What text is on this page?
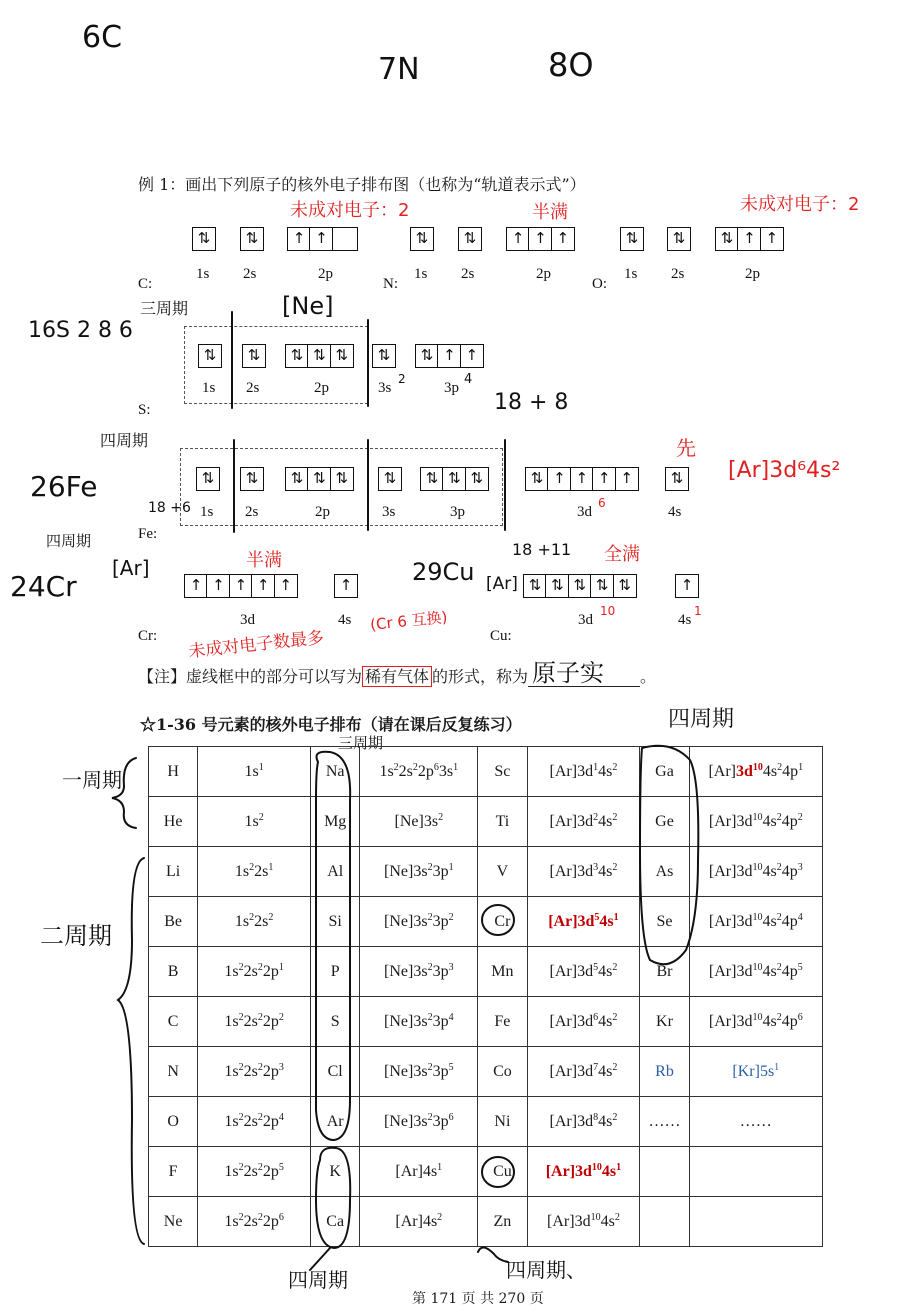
6C
7N	8O
例 1：画出下列原子的核外电子排布图（也称为“轨道表示式”）
未成对电子：2	半满	未成对电子：2
⇅	⇅	↑ ↑
1s 2s	2p
C:
⇅	⇅	↑ ↑ ↑
1s 2s	2p
N:
⇅	⇅	⇅ ↑ ↑
1s 2s	2p
O:
16S 2 8 6
三周期	[Ne]
⇅	⇅	⇅ ⇅ ⇅	⇅	⇅ ↑ ↑
1s 2s	2p	3s
2
3p
4
S:	18 + 8
四周期
26Fe
四周期
⇅	⇅	⇅ ⇅ ⇅	⇅	⇅ ⇅ ⇅	⇅ ↑ ↑ ↑ ↑	⇅
先
[Ar]3d⁶4s²
1s 2s	2p	3s	3p	3d
6
4s
Fe:
18 +6
24Cr
[Ar]	半满
↑ ↑ ↑ ↑ ↑	↑
3d	4s
Cr: 未成对电子数最多
(Cr 6 互换)
29Cu
18 +11 全满
[Ar] ⇅ ⇅ ⇅ ⇅ ⇅	↑
3d
10
4s
1
Cu:
【注】虚线框中的部分可以写为 稀有气体 的形式，称为 原子实 。
☆1-36 号元素的核外电子排布（请在课后反复练习）
三周期
四周期
一周期
二周期
H	$1s^1$	Na	$1s^22s^22p^63s^1$	Sc	$[Ar]3d^14s^2$	Ga	$[Ar]3d^{10}4s^24p^1$
He	$1s^2$	Mg	$[Ne]3s^2$	Ti	$[Ar]3d^24s^2$	Ge	$[Ar]3d^{10}4s^24p^2$
Li	$1s^22s^1$	Al	$[Ne]3s^23p^1$	V	$[Ar]3d^34s^2$	As	$[Ar]3d^{10}4s^24p^3$
Be	$1s^22s^2$	Si	$[Ne]3s^23p^2$	Cr	$[Ar]3d^54s^1$	Se	$[Ar]3d^{10}4s^24p^4$
B	$1s^22s^22p^1$	P	$[Ne]3s^23p^3$	Mn	$[Ar]3d^54s^2$	Br	$[Ar]3d^{10}4s^24p^5$
C	$1s^22s^22p^2$	S	$[Ne]3s^23p^4$	Fe	$[Ar]3d^64s^2$	Kr	$[Ar]3d^{10}4s^24p^6$
N	$1s^22s^22p^3$	Cl	$[Ne]3s^23p^5$	Co	$[Ar]3d^74s^2$	Rb	$[Kr]5s^1$
O	$1s^22s^22p^4$	Ar	$[Ne]3s^23p^6$	Ni	$[Ar]3d^84s^2$	……	……
F	$1s^22s^22p^5$	K	$[Ar]4s^1$	Cu	$[Ar]3d^{10}4s^1$		
Ne	$1s^22s^22p^6$	Ca	$[Ar]4s^2$	Zn	$[Ar]3d^{10}4s^2$		
四周期	四周期、
第 171 页 共 270 页
